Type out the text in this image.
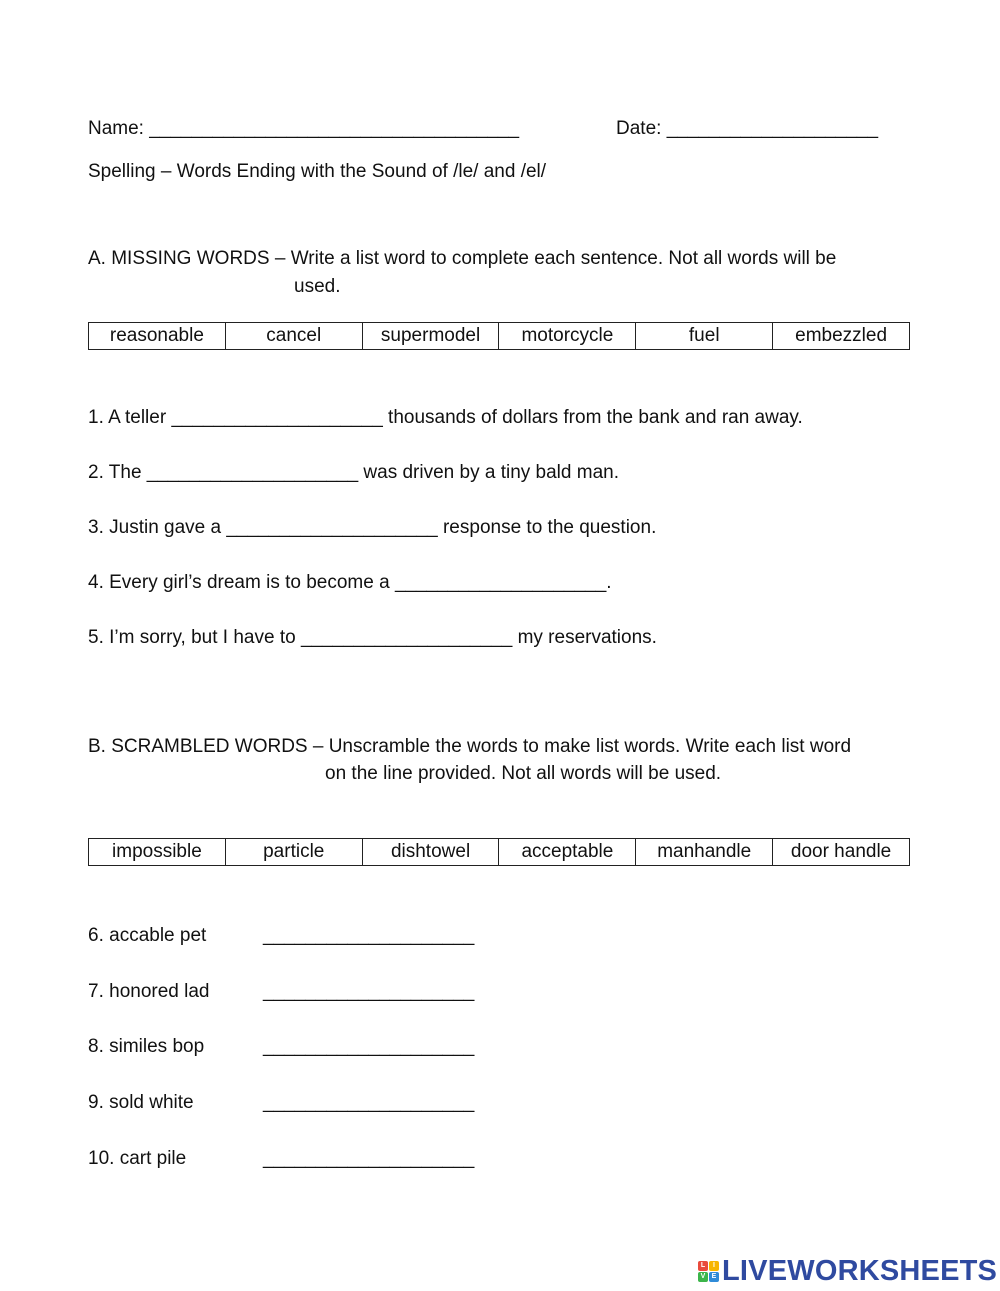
Name: ___________________________________	Date: ____________________
Spelling – Words Ending with the Sound of /le/ and /el/
A. MISSING WORDS – Write a list word to complete each sentence. Not all words will be
used.
reasonable	cancel	supermodel	motorcycle	fuel	embezzled
1. A teller ____________________ thousands of dollars from the bank and ran away.
2. The ____________________ was driven by a tiny bald man.
3. Justin gave a ____________________ response to the question.
4. Every girl’s dream is to become a ____________________.
5. I’m sorry, but I have to ____________________ my reservations.
B. SCRAMBLED WORDS – Unscramble the words to make list words. Write each list word
on the line provided. Not all words will be used.
impossible	particle	dishtowel	acceptable	manhandle	door handle
6. accable pet	____________________
7. honored lad	____________________
8. similes bop	____________________
9. sold white	____________________
10. cart pile	____________________
L	I
V E LIVEWORKSHEETS
